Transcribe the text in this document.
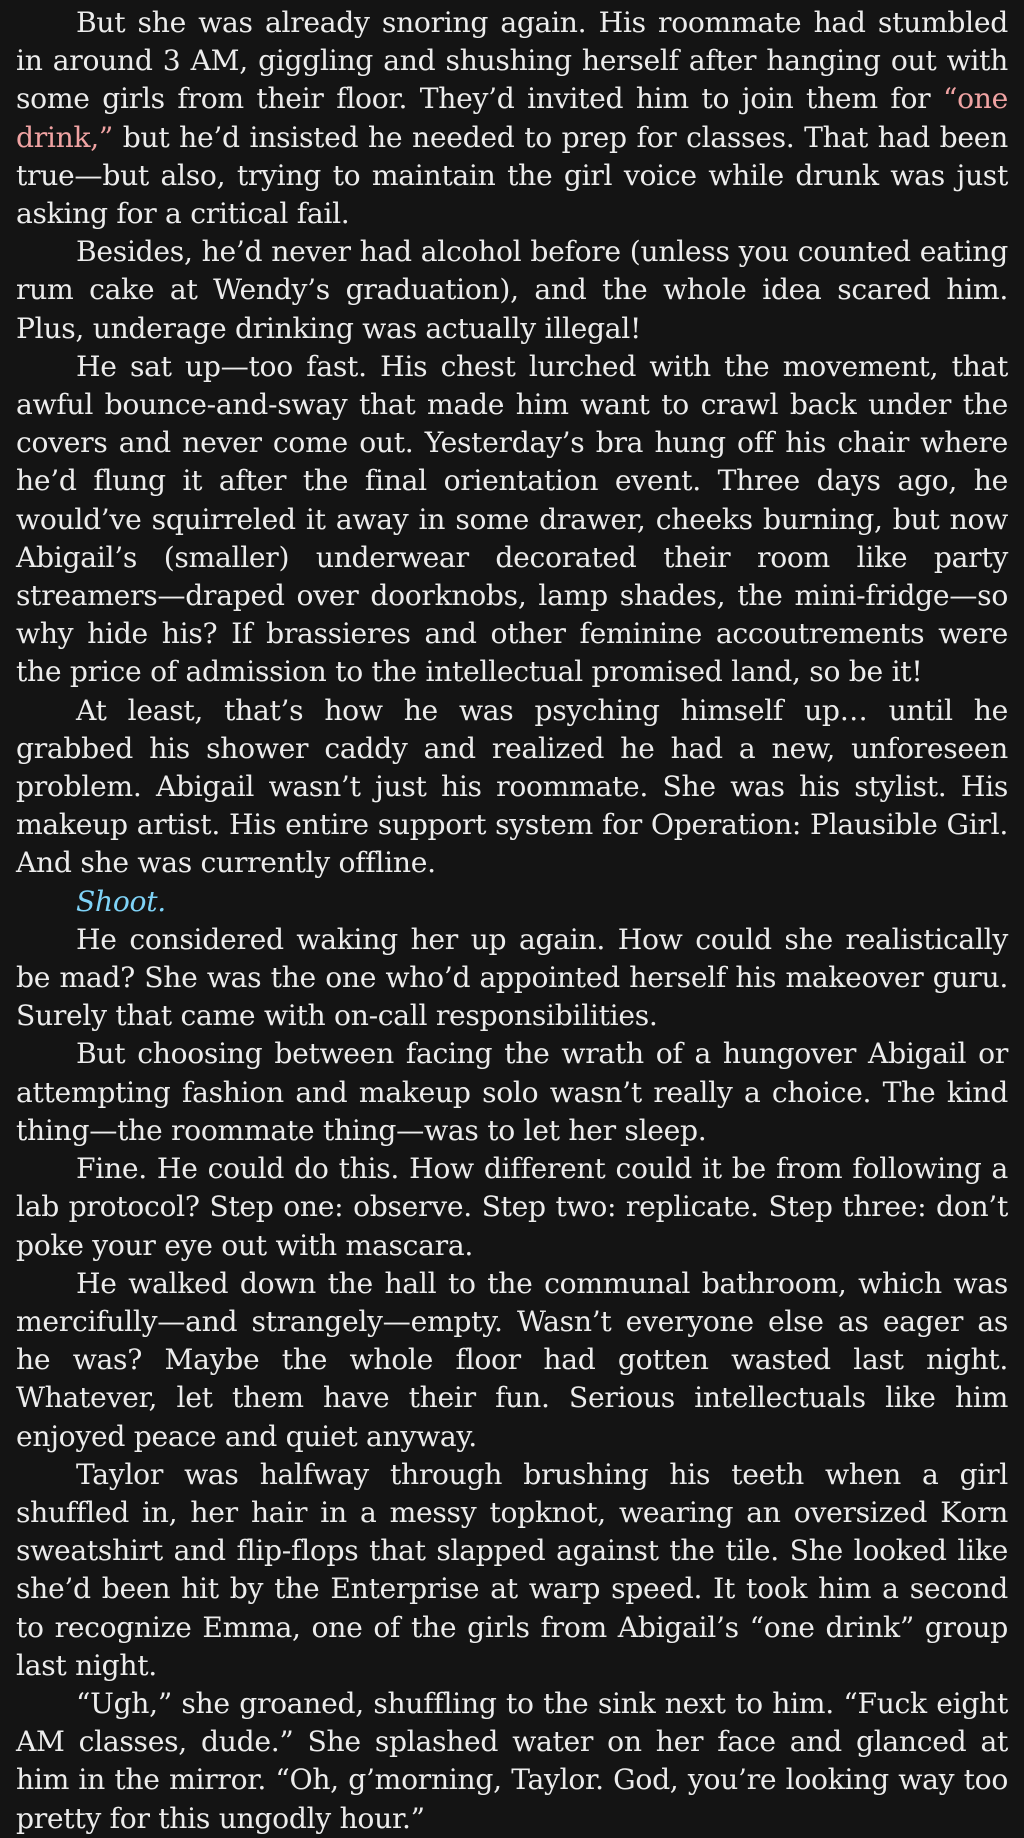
But she was already snoring again. His roommate had stumbled in around 3 AM, giggling and shushing herself after hanging out with some girls from their floor. They’d invited him to join them for “one drink,” but he’d insisted he needed to prep for classes. That had been true—but also, trying to maintain the girl voice while drunk was just asking for a critical fail.

Besides, he’d never had alcohol before (unless you counted eating rum cake at Wendy’s graduation), and the whole idea scared him. Plus, underage drinking was actually illegal!

He sat up—too fast. His chest lurched with the movement, that awful bounce-and-sway that made him want to crawl back under the covers and never come out. Yesterday’s bra hung off his chair where he’d flung it after the final orientation event. Three days ago, he would’ve squirreled it away in some drawer, cheeks burning, but now Abigail’s (smaller) underwear decorated their room like party streamers—draped over doorknobs, lamp shades, the mini-fridge—so why hide his? If brassieres and other feminine accoutrements were the price of admission to the intellectual promised land, so be it!

At least, that’s how he was psyching himself up… until he grabbed his shower caddy and realized he had a new, unforeseen problem. Abigail wasn’t just his roommate. She was his stylist. His makeup artist. His entire support system for Operation: Plausible Girl. And she was currently offline.

Shoot.

He considered waking her up again. How could she realistically be mad? She was the one who’d appointed herself his makeover guru. Surely that came with on-call responsibilities.

But choosing between facing the wrath of a hungover Abigail or attempting fashion and makeup solo wasn’t really a choice. The kind thing—the roommate thing—was to let her sleep.

Fine. He could do this. How different could it be from following a lab protocol? Step one: observe. Step two: replicate. Step three: don’t poke your eye out with mascara.

He walked down the hall to the communal bathroom, which was mercifully—and strangely—empty. Wasn’t everyone else as eager as he was? Maybe the whole floor had gotten wasted last night. Whatever, let them have their fun. Serious intellectuals like him enjoyed peace and quiet anyway.

Taylor was halfway through brushing his teeth when a girl shuffled in, her hair in a messy topknot, wearing an oversized Korn sweatshirt and flip-flops that slapped against the tile. She looked like she’d been hit by the Enterprise at warp speed. It took him a second to recognize Emma, one of the girls from Abigail’s “one drink” group last night.

“Ugh,” she groaned, shuffling to the sink next to him. “Fuck eight AM classes, dude.” She splashed water on her face and glanced at him in the mirror. “Oh, g’morning, Taylor. God, you’re looking way too pretty for this ungodly hour.”
